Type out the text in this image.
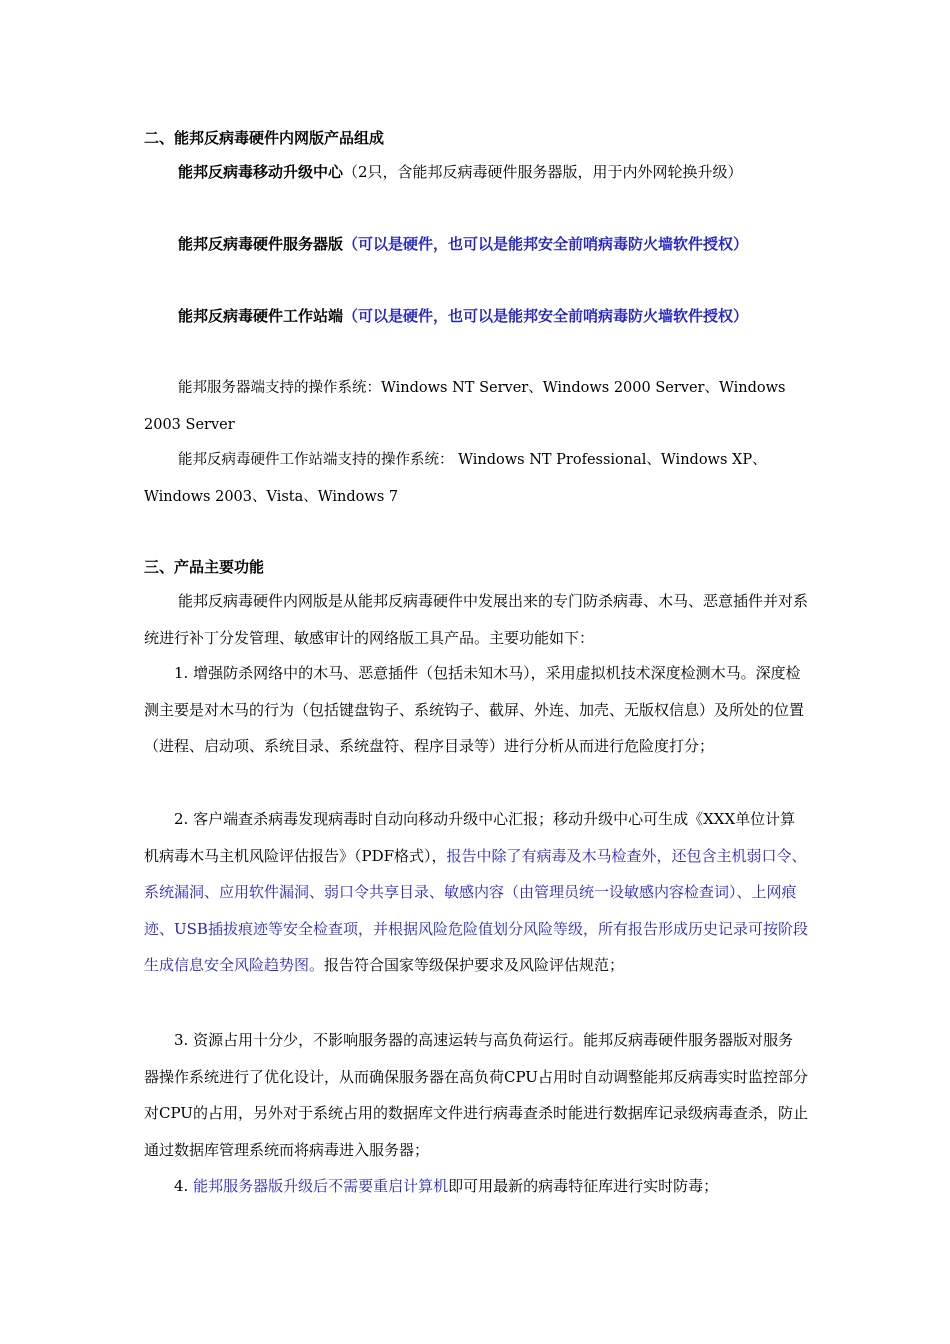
二、能邦反病毒硬件内网版产品组成

能邦反病毒移动升级中心（2只，含能邦反病毒硬件服务器版，用于内外网轮换升级）

能邦反病毒硬件服务器版（可以是硬件，也可以是能邦安全前哨病毒防火墙软件授权）

能邦反病毒硬件工作站端（可以是硬件，也可以是能邦安全前哨病毒防火墙软件授权）

能邦服务器端支持的操作系统：Windows NT Server、Windows 2000 Server、Windows 2003 Server

能邦反病毒硬件工作站端支持的操作系统： Windows NT Professional、Windows XP、Windows 2003、Vista、Windows 7

三、产品主要功能

能邦反病毒硬件内网版是从能邦反病毒硬件中发展出来的专门防杀病毒、木马、恶意插件并对系统进行补丁分发管理、敏感审计的网络版工具产品。主要功能如下：

1. 增强防杀网络中的木马、恶意插件（包括未知木马），采用虚拟机技术深度检测木马。深度检测主要是对木马的行为（包括键盘钩子、系统钩子、截屏、外连、加壳、无版权信息）及所处的位置（进程、启动项、系统目录、系统盘符、程序目录等）进行分析从而进行危险度打分；

2. 客户端查杀病毒发现病毒时自动向移动升级中心汇报；移动升级中心可生成《XXX单位计算机病毒木马主机风险评估报告》（PDF格式），报告中除了有病毒及木马检查外，还包含主机弱口令、系统漏洞、应用软件漏洞、弱口令共享目录、敏感内容（由管理员统一设敏感内容检查词）、上网痕迹、USB插拔痕迹等安全检查项，并根据风险危险值划分风险等级，所有报告形成历史记录可按阶段生成信息安全风险趋势图。报告符合国家等级保护要求及风险评估规范；

3. 资源占用十分少，不影响服务器的高速运转与高负荷运行。能邦反病毒硬件服务器版对服务器操作系统进行了优化设计，从而确保服务器在高负荷CPU占用时自动调整能邦反病毒实时监控部分对CPU的占用，另外对于系统占用的数据库文件进行病毒查杀时能进行数据库记录级病毒查杀，防止通过数据库管理系统而将病毒进入服务器；

4. 能邦服务器版升级后不需要重启计算机即可用最新的病毒特征库进行实时防毒；
